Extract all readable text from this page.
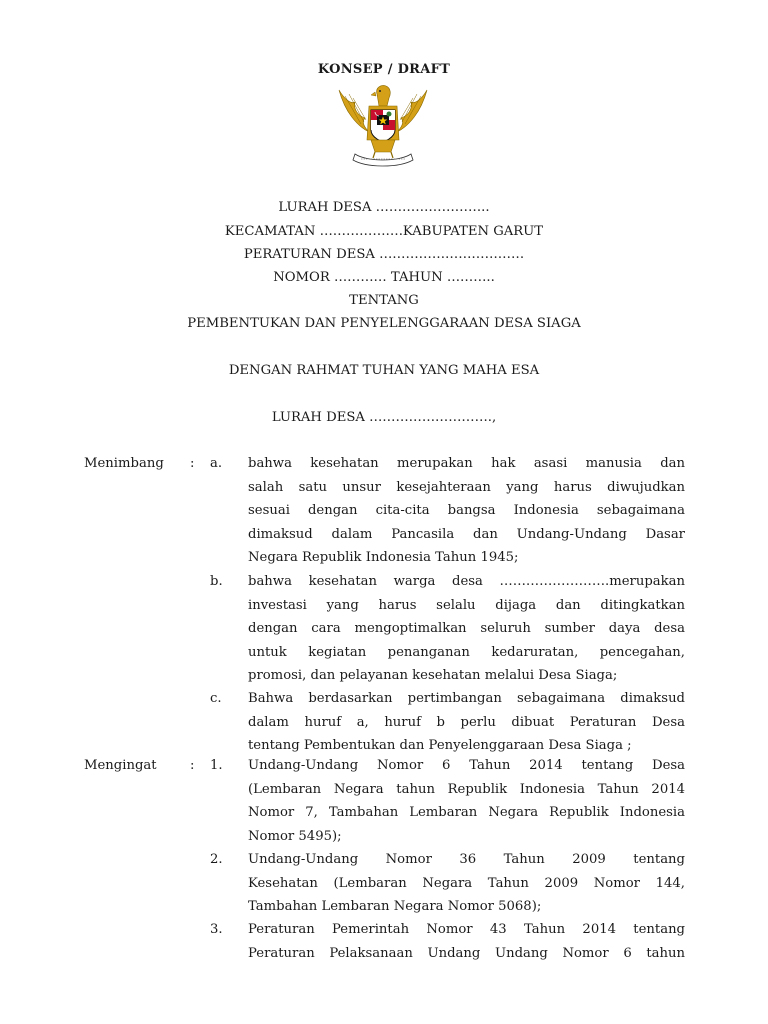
KONSEP / DRAFT
LURAH DESA ……………………..
KECAMATAN ……………….KABUPATEN GARUT
PERATURAN DESA ……………………………
NOMOR ………… TAHUN ………..
TENTANG
PEMBENTUKAN DAN PENYELENGGARAAN DESA SIAGA
DENGAN RAHMAT TUHAN YANG MAHA ESA
LURAH DESA ……………………….,
Menimbang : a. bahwa kesehatan merupakan hak asasi manusia dan
salah satu unsur kesejahteraan yang harus diwujudkan
sesuai dengan cita-cita bangsa Indonesia sebagaimana
dimaksud dalam Pancasila dan Undang-Undang Dasar
Negara Republik Indonesia Tahun 1945;
b. bahwa kesehatan warga desa …………………….merupakan
investasi yang harus selalu dijaga dan ditingkatkan
dengan cara mengoptimalkan seluruh sumber daya desa
untuk kegiatan penanganan kedaruratan, pencegahan,
promosi, dan pelayanan kesehatan melalui Desa Siaga;
c. Bahwa berdasarkan pertimbangan sebagaimana dimaksud
dalam huruf a, huruf b perlu dibuat Peraturan Desa
tentang Pembentukan dan Penyelenggaraan Desa Siaga ;
Mengingat	: 1. Undang-Undang Nomor 6 Tahun 2014 tentang Desa
(Lembaran Negara tahun Republik Indonesia Tahun 2014
Nomor 7, Tambahan Lembaran Negara Republik Indonesia
Nomor 5495);
2. Undang-Undang Nomor 36 Tahun 2009 tentang
Kesehatan (Lembaran Negara Tahun 2009 Nomor 144,
Tambahan Lembaran Negara Nomor 5068);
3. Peraturan Pemerintah Nomor 43 Tahun 2014 tentang
Peraturan Pelaksanaan Undang Undang Nomor 6 tahun
